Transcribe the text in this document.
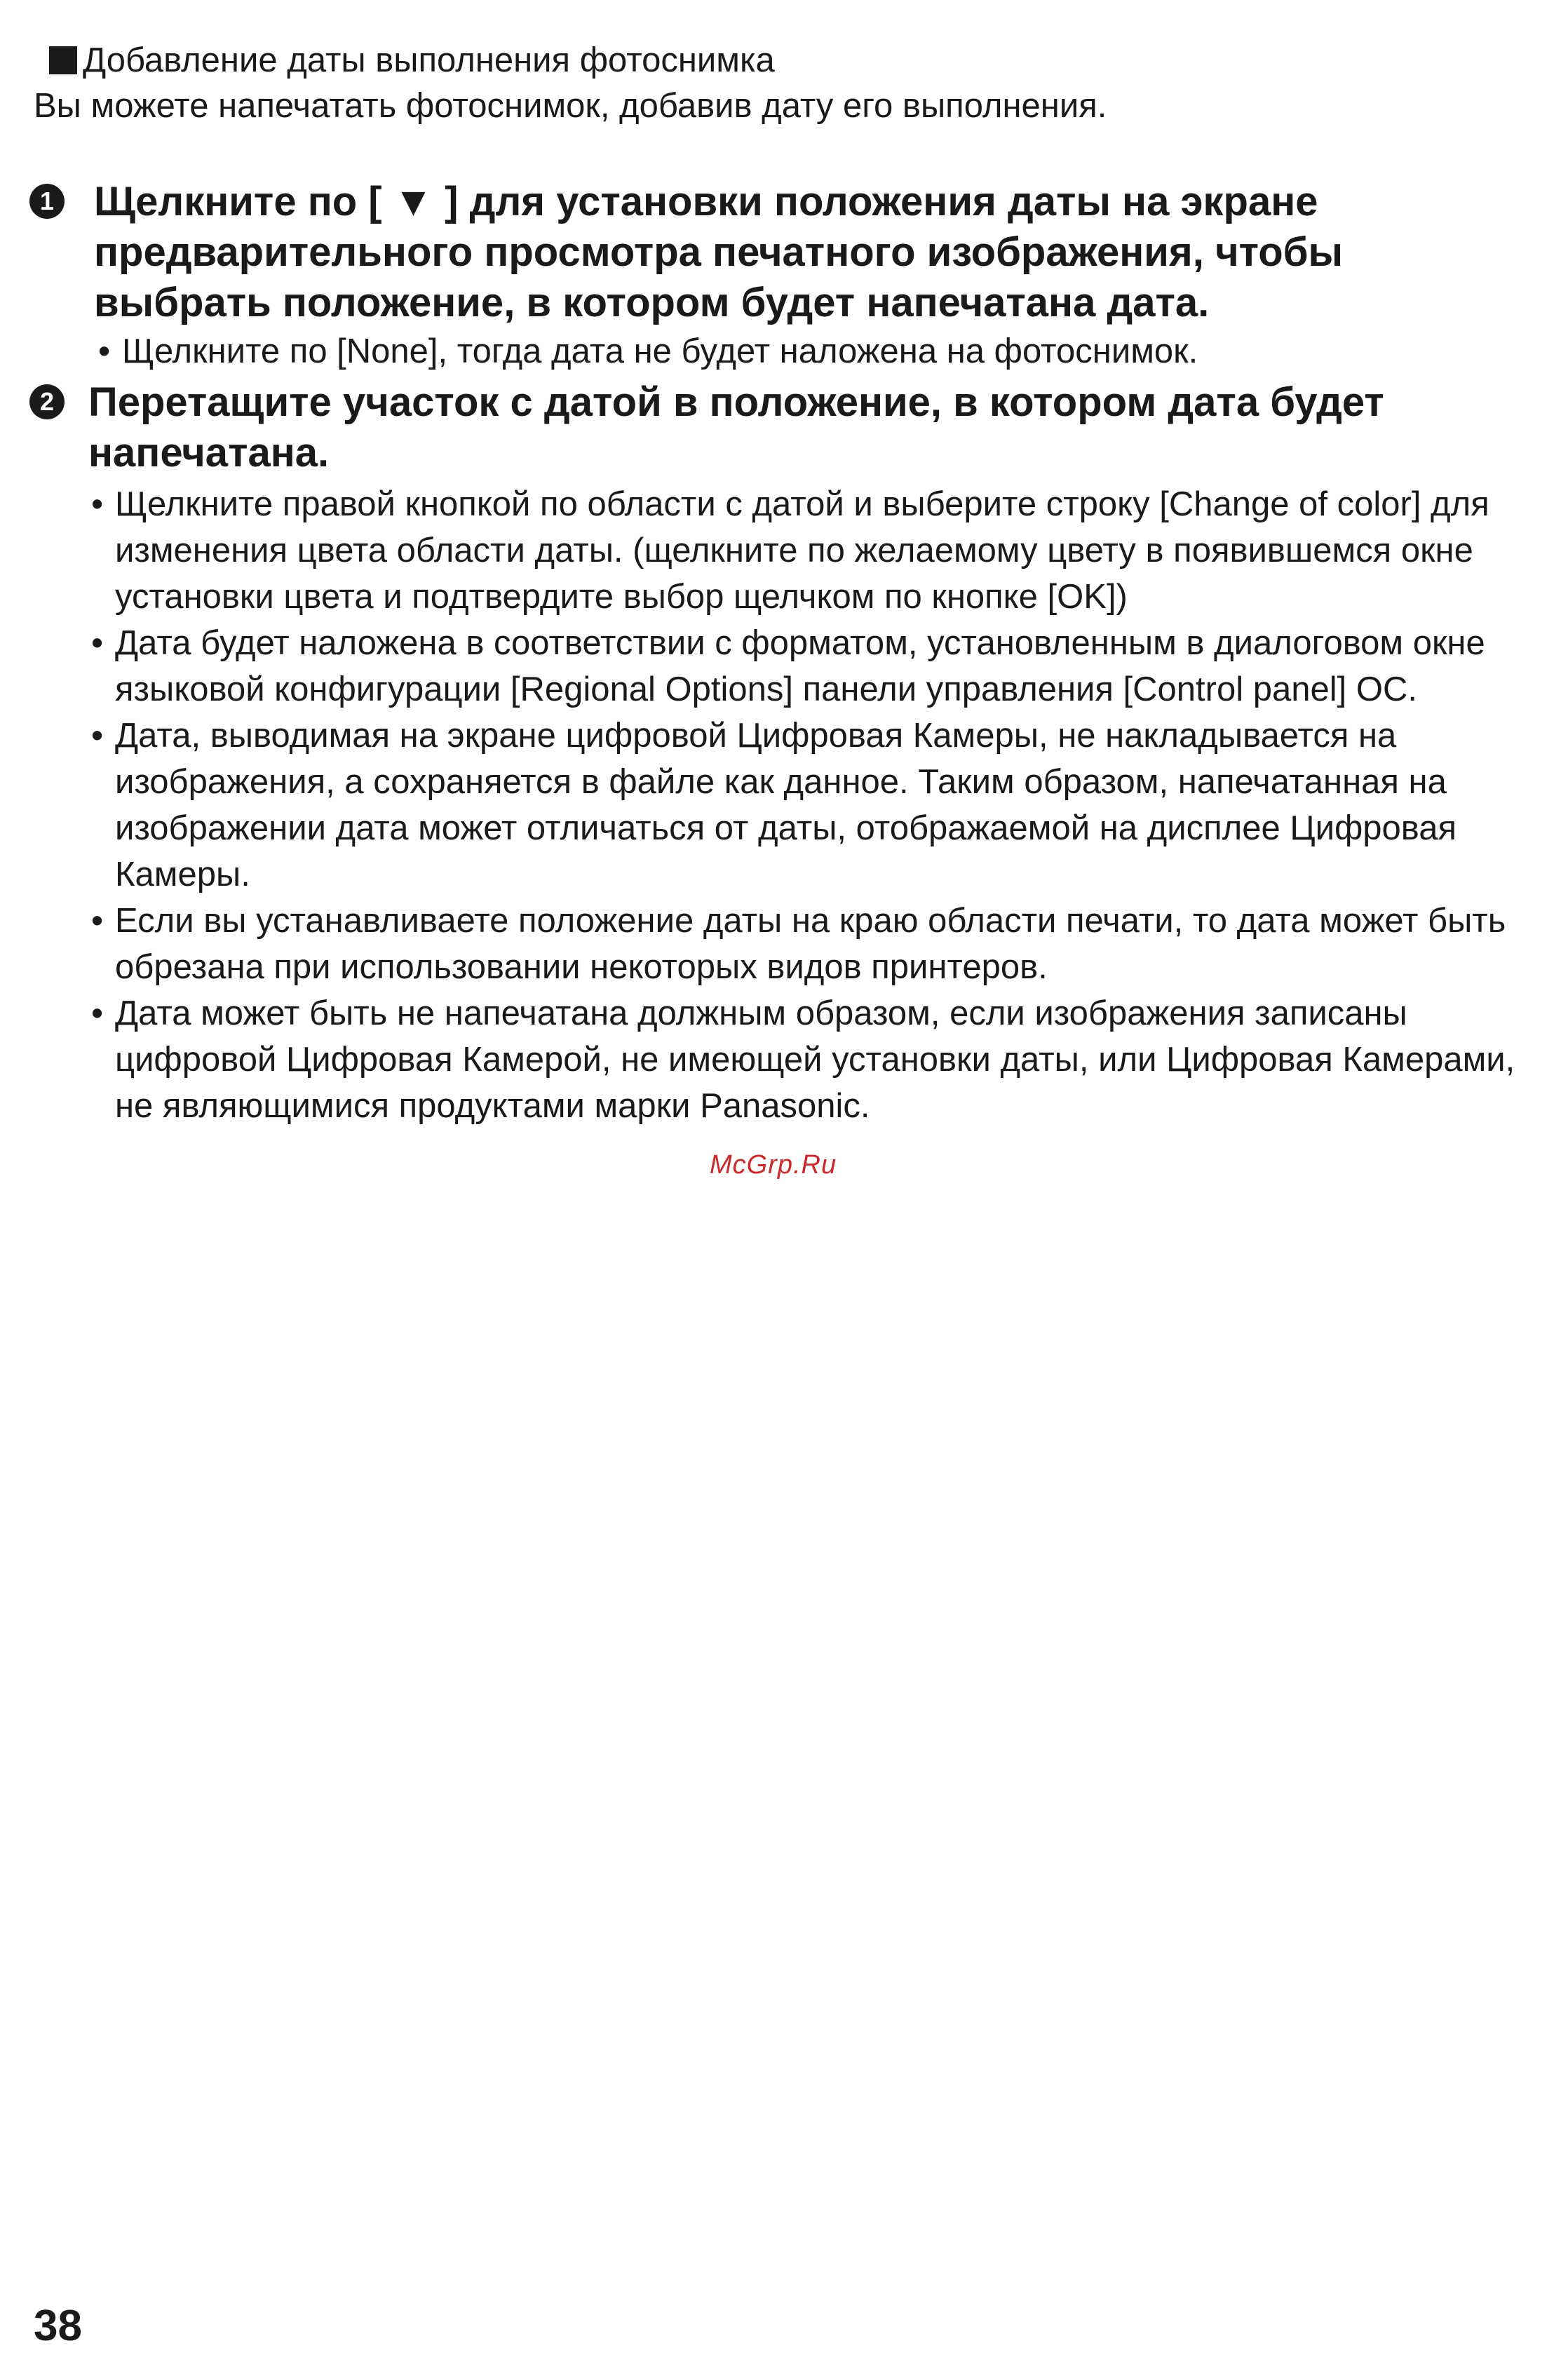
Добавление даты выполнения фотоснимка
Вы можете напечатать фотоснимок, добавив дату его выполнения.
1 Щелкните по [ ▼ ] для установки положения даты на экране предварительного просмотра печатного изображения, чтобы выбрать положение, в котором будет напечатана дата.
• Щелкните по [None], тогда дата не будет наложена на фотоснимок.
2 Перетащите участок с датой в положение, в котором дата будет напечатана.
• Щелкните правой кнопкой по области с датой и выберите строку [Change of color] для изменения цвета области даты. (щелкните по желаемому цвету в появившемся окне установки цвета и подтвердите выбор щелчком по кнопке [OK])
• Дата будет наложена в соответствии с форматом, установленным в диалоговом окне языковой конфигурации [Regional Options] панели управления [Control panel] ОС.
• Дата, выводимая на экране цифровой Цифровая Камеры, не накладывается на изображения, а сохраняется в файле как данное. Таким образом, напечатанная на изображении дата может отличаться от даты, отображаемой на дисплее Цифровая Камеры.
• Если вы устанавливаете положение даты на краю области печати, то дата может быть обрезана при использовании некоторых видов принтеров.
• Дата может быть не напечатана должным образом, если изображения записаны цифровой Цифровая Камерой, не имеющей установки даты, или Цифровая Камерами, не являющимися продуктами марки Panasonic.
McGrp.Ru
38
